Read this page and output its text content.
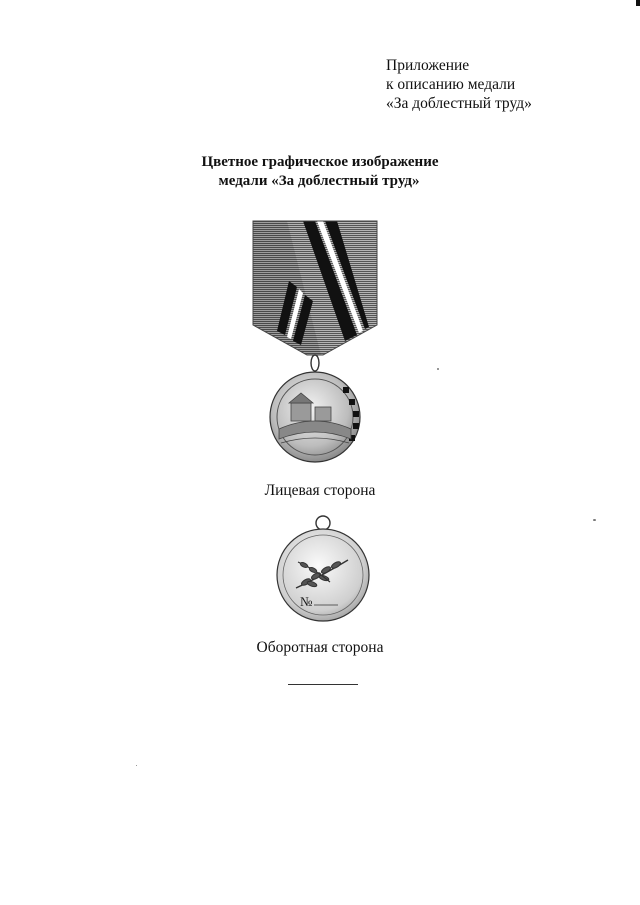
Приложение
к описанию медали
«За доблестный труд»
Цветное графическое изображение
медали «За доблестный труд»
Лицевая сторона
№
Оборотная сторона
